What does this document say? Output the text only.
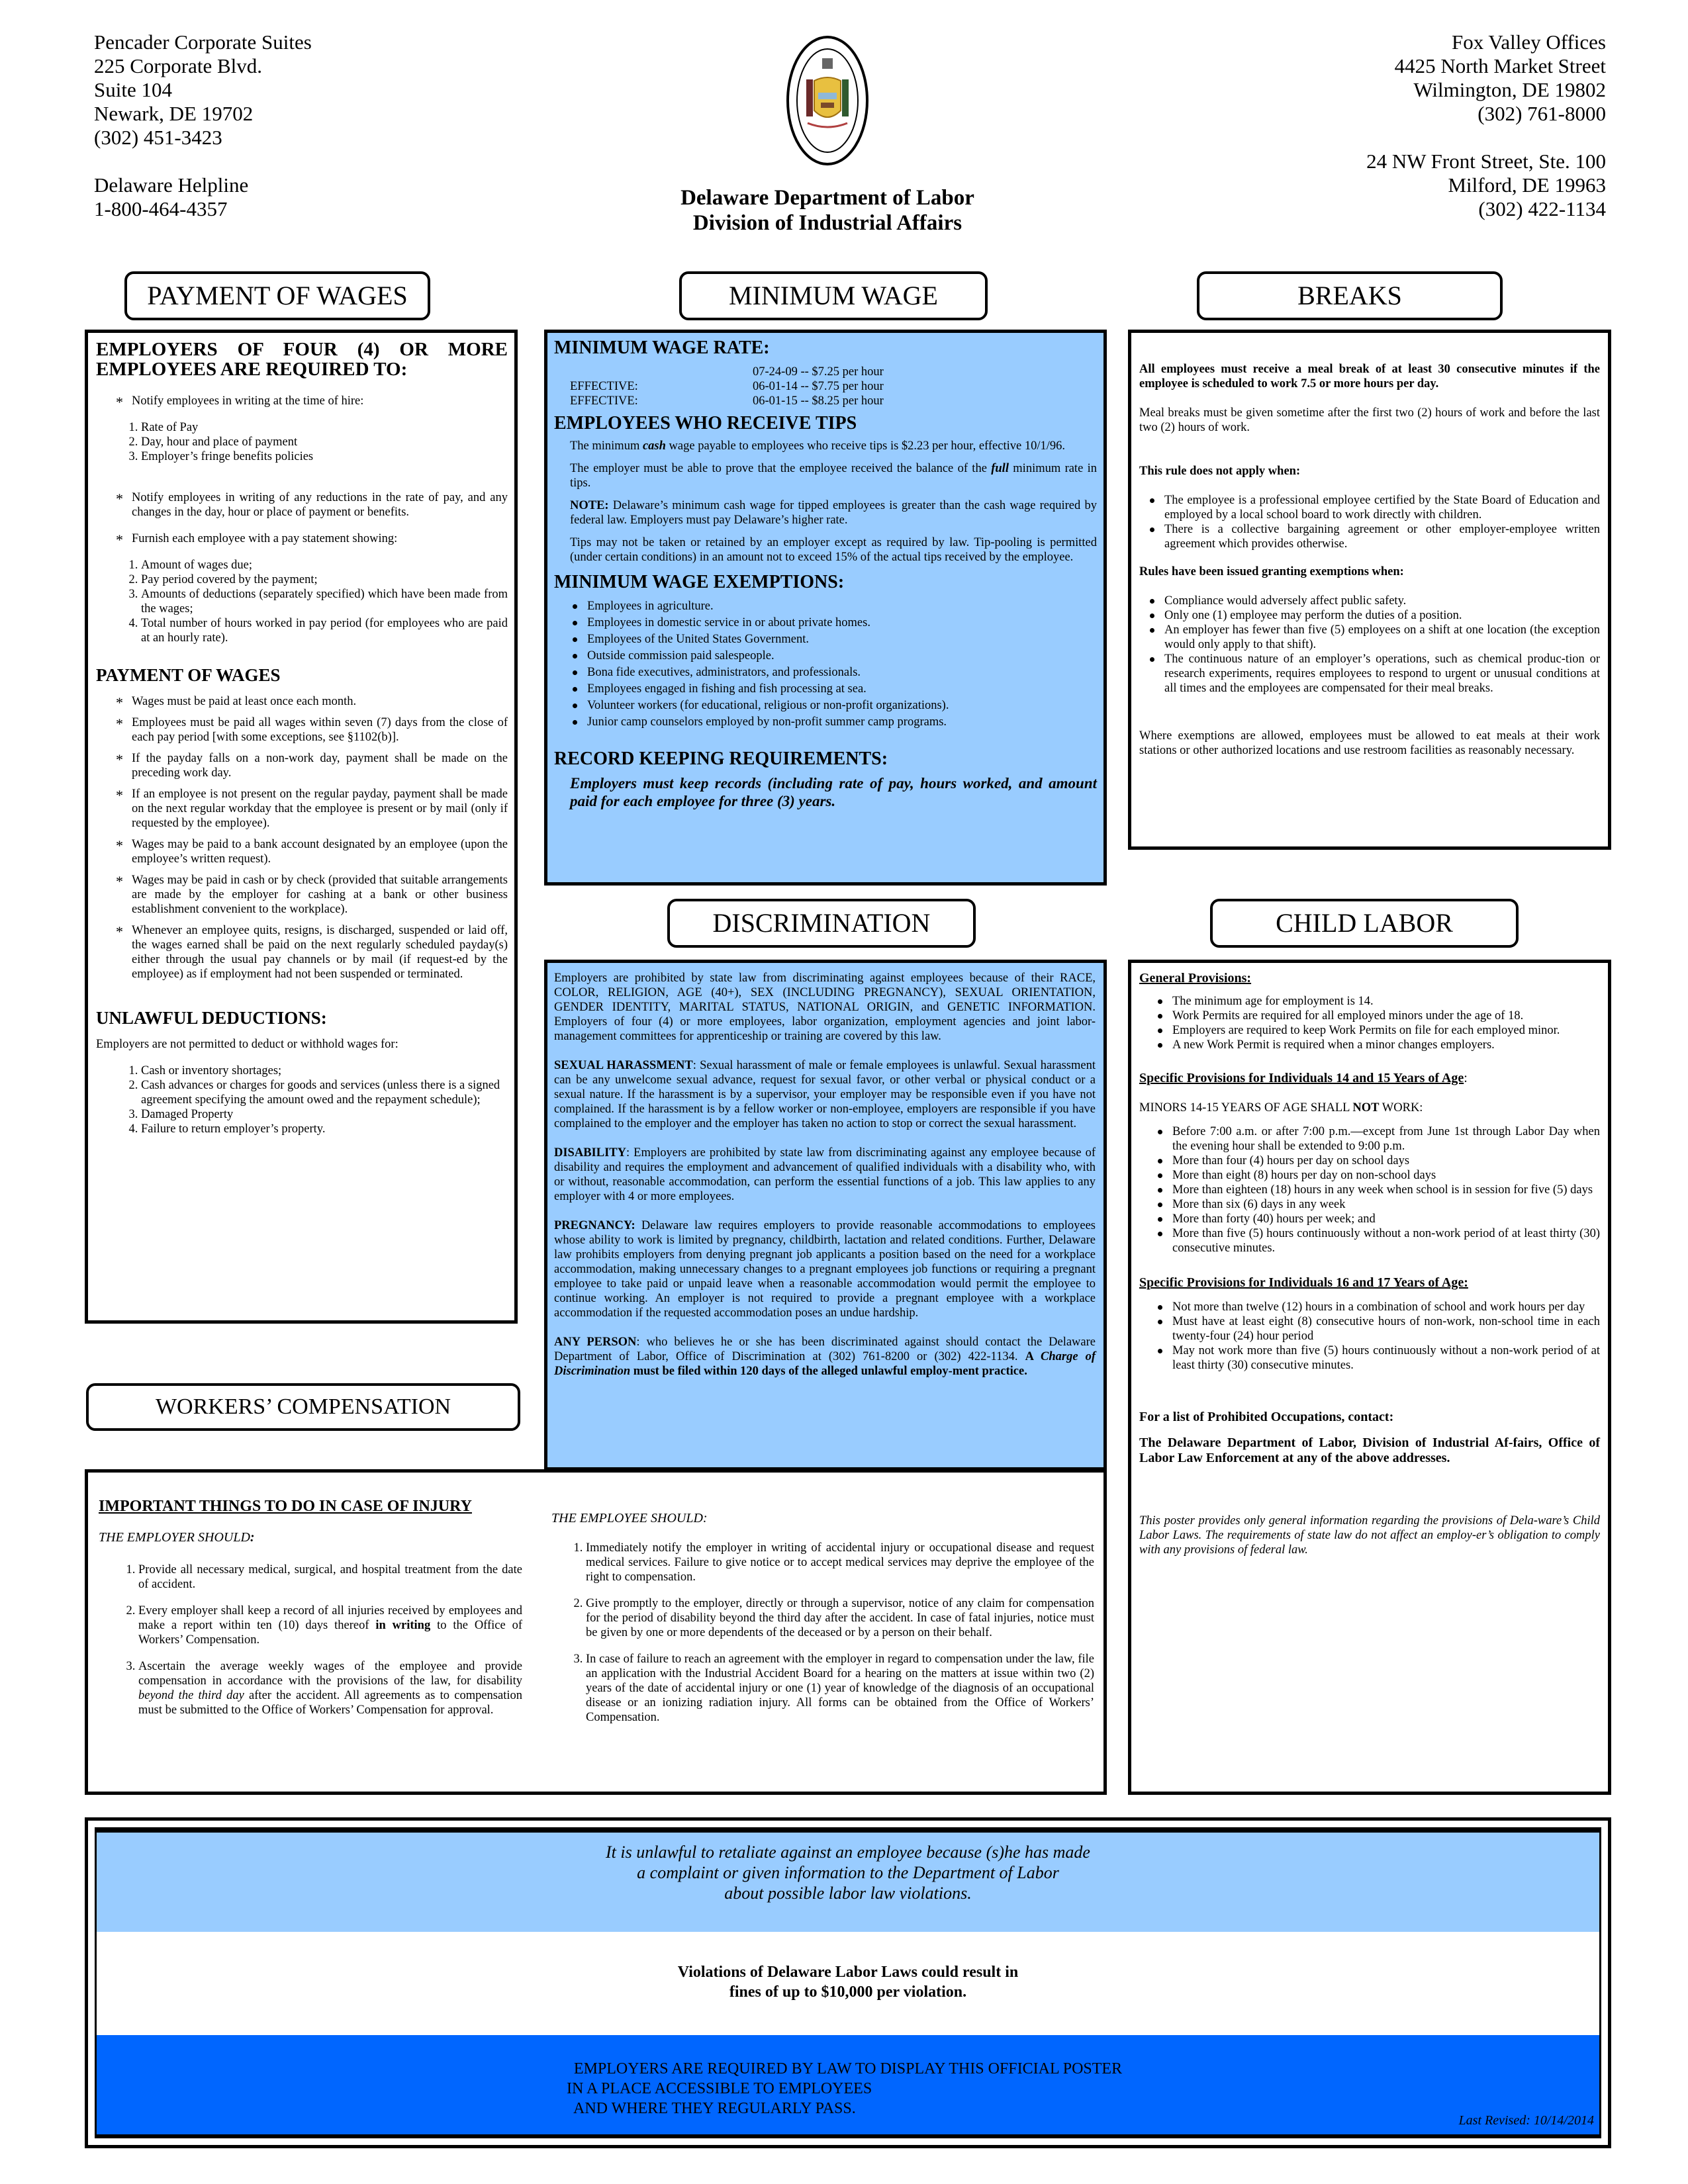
Pencader Corporate Suites
225 Corporate Blvd.
Suite 104
Newark, DE 19702
(302) 451-3423
Delaware Helpline
1-800-464-4357
Fox Valley Offices
4425 North Market Street
Wilmington, DE 19802
(302) 761-8000
24 NW Front Street, Ste. 100
Milford, DE 19963
(302) 422-1134
Delaware Department of Labor
Division of Industrial Affairs
PAYMENT OF WAGES	MINIMUM WAGE	BREAKS
DISCRIMINATION	CHILD LABOR
WORKERS’ COMPENSATION
EMPLOYERS OF FOUR (4) OR MORE EMPLOYEES ARE REQUIRED TO:
* Notify employees in writing at the time of hire:
1. Rate of Pay
2. Day, hour and place of payment
3. Employer’s fringe benefits policies
* Notify employees in writing of any reductions in the rate of pay, and any changes in the day, hour or place of payment or benefits.
* Furnish each employee with a pay statement showing:
1. Amount of wages due;
2. Pay period covered by the payment;
3. Amounts of deductions (separately specified) which have been made from the wages;
4. Total number of hours worked in pay period (for employees who are paid at an hourly rate).
PAYMENT OF WAGES
* Wages must be paid at least once each month.
* Employees must be paid all wages within seven (7) days from the close of each pay period [with some exceptions, see §1102(b)].
* If the payday falls on a non-work day, payment shall be made on the preceding work day.
* If an employee is not present on the regular payday, payment shall be made on the next regular workday that the employee is present or by mail (only if requested by the employee).
* Wages may be paid to a bank account designated by an employee (upon the employee’s written request).
* Wages may be paid in cash or by check (provided that suitable arrangements are made by the employer for cashing at a bank or other business establishment convenient to the workplace).
* Whenever an employee quits, resigns, is discharged, suspended or laid off, the wages earned shall be paid on the next regularly scheduled payday(s) either through the usual pay channels or by mail (if request-ed by the employee) as if employment had not been suspended or terminated.
UNLAWFUL DEDUCTIONS:
Employers are not permitted to deduct or withhold wages for:
1. Cash or inventory shortages;
2. Cash advances or charges for goods and services (unless there is a signed agreement specifying the amount owed and the repayment schedule);
3. Damaged Property
4. Failure to return employer’s property.
MINIMUM WAGE RATE:
07-24-09 -- $7.25 per hour
EFFECTIVE:	06-01-14 -- $7.75 per hour
EFFECTIVE:	06-01-15 -- $8.25 per hour
EMPLOYEES WHO RECEIVE TIPS

The minimum cash wage payable to employees who receive tips is $2.23 per hour, effective 10/1/96.

The employer must be able to prove that the employee received the balance of the full minimum rate in tips.

NOTE: Delaware’s minimum cash wage for tipped employees is greater than the cash wage required by federal law. Employers must pay Delaware’s higher rate.

Tips may not be taken or retained by an employer except as required by law. Tip-pooling is permitted (under certain conditions) in an amount not to exceed 15% of the actual tips received by the employee.

MINIMUM WAGE EXEMPTIONS:
Employees in agriculture.
Employees in domestic service in or about private homes.
Employees of the United States Government.
Outside commission paid salespeople.
Bona fide executives, administrators, and professionals.
Employees engaged in fishing and fish processing at sea.
Volunteer workers (for educational, religious or non-profit organizations).
Junior camp counselors employed by non-profit summer camp programs.
RECORD KEEPING REQUIREMENTS:
Employers must keep records (including rate of pay, hours worked, and amount paid for each employee for three (3) years.

All employees must receive a meal break of at least 30 consecutive minutes if the employee is scheduled to work 7.5 or more hours per day.

Meal breaks must be given sometime after the first two (2) hours of work and before the last two (2) hours of work.

This rule does not apply when:

The employee is a professional employee certified by the State Board of Education and employed by a local school board to work directly with children.
There is a collective bargaining agreement or other employer-employee written agreement which provides otherwise.

Rules have been issued granting exemptions when:

Compliance would adversely affect public safety.
Only one (1) employee may perform the duties of a position.
An employer has fewer than five (5) employees on a shift at one location (the exception would only apply to that shift).
The continuous nature of an employer’s operations, such as chemical produc-tion or research experiments, requires employees to respond to urgent or unusual conditions at all times and the employees are compensated for their meal breaks.

Where exemptions are allowed, employees must be allowed to eat meals at their work stations or other authorized locations and use restroom facilities as reasonably necessary.

Employers are prohibited by state law from discriminating against employees because of their RACE, COLOR, RELIGION, AGE (40+), SEX (INCLUDING PREGNANCY), SEXUAL ORIENTATION, GENDER IDENTITY, MARITAL STATUS, NATIONAL ORIGIN, and GENETIC INFORMATION. Employers of four (4) or more employees, labor organization, employment agencies and joint labor-management committees for apprenticeship or training are covered by this law.

SEXUAL HARASSMENT: Sexual harassment of male or female employees is unlawful. Sexual harassment can be any unwelcome sexual advance, request for sexual favor, or other verbal or physical conduct or a sexual nature. If the harassment is by a supervisor, your employer may be responsible even if you have not complained. If the harassment is by a fellow worker or non-employee, employers are responsible if you have complained to the employer and the employer has taken no action to stop or correct the sexual harassment.

DISABILITY: Employers are prohibited by state law from discriminating against any employee because of disability and requires the employment and advancement of qualified individuals with a disability who, with or without, reasonable accommodation, can perform the essential functions of a job. This law applies to any employer with 4 or more employees.

PREGNANCY: Delaware law requires employers to provide reasonable accommodations to employees whose ability to work is limited by pregnancy, childbirth, lactation and related conditions. Further, Delaware law prohibits employers from denying pregnant job applicants a position based on the need for a workplace accommodation, making unnecessary changes to a pregnant employees job functions or requiring a pregnant employee to take paid or unpaid leave when a reasonable accommodation would permit the employee to continue working. An employer is not required to provide a pregnant employee with a workplace accommodation if the requested accommodation poses an undue hardship.

ANY PERSON: who believes he or she has been discriminated against should contact the Delaware Department of Labor, Office of Discrimination at (302) 761-8200 or (302) 422-1134. A Charge of Discrimination must be filed within 120 days of the alleged unlawful employ-ment practice.

General Provisions:

The minimum age for employment is 14.
Work Permits are required for all employed minors under the age of 18.
Employers are required to keep Work Permits on file for each employed minor.
A new Work Permit is required when a minor changes employers.

Specific Provisions for Individuals 14 and 15 Years of Age:

MINORS 14-15 YEARS OF AGE SHALL NOT WORK:

Before 7:00 a.m. or after 7:00 p.m.—except from June 1st through Labor Day when the evening hour shall be extended to 9:00 p.m.
More than four (4) hours per day on school days
More than eight (8) hours per day on non-school days
More than eighteen (18) hours in any week when school is in session for five (5) days
More than six (6) days in any week
More than forty (40) hours per week; and
More than five (5) hours continuously without a non-work period of at least thirty (30) consecutive minutes.

Specific Provisions for Individuals 16 and 17 Years of Age:

Not more than twelve (12) hours in a combination of school and work hours per day
Must have at least eight (8) consecutive hours of non-work, non-school time in each twenty-four (24) hour period
May not work more than five (5) hours continuously without a non-work period of at least thirty (30) consecutive minutes.

For a list of Prohibited Occupations, contact:

The Delaware Department of Labor, Division of Industrial Af-fairs, Office of Labor Law Enforcement at any of the above addresses.

This poster provides only general information regarding the provisions of Dela-ware’s Child Labor Laws. The requirements of state law do not affect an employ-er’s obligation to comply with any provisions of federal law.

IMPORTANT THINGS TO DO IN CASE OF INJURY

THE EMPLOYER SHOULD:

1. Provide all necessary medical, surgical, and hospital treatment from the date of accident.
2. Every employer shall keep a record of all injuries received by employees and make a report within ten (10) days thereof in writing to the Office of Workers’ Compensation.
3. Ascertain the average weekly wages of the employee and provide compensation in accordance with the provisions of the law, for disability beyond the third day after the accident. All agreements as to compensation must be submitted to the Office of Workers’ Compensation for approval.

THE EMPLOYEE SHOULD:

1. Immediately notify the employer in writing of accidental injury or occupational disease and request medical services. Failure to give notice or to accept medical services may deprive the employee of the right to compensation.
2. Give promptly to the employer, directly or through a supervisor, notice of any claim for compensation for the period of disability beyond the third day after the accident. In case of fatal injuries, notice must be given by one or more dependents of the deceased or by a person on their behalf.
3. In case of failure to reach an agreement with the employer in regard to compensation under the law, file an application with the Industrial Accident Board for a hearing on the matters at issue within two (2) years of the date of accidental injury or one (1) year of knowledge of the diagnosis of an occupational disease or an ionizing radiation injury. All forms can be obtained from the Office of Workers’ Compensation.
It is unlawful to retaliate against an employee because (s)he has made
a complaint or given information to the Department of Labor
about possible labor law violations.
Violations of Delaware Labor Laws could result in
fines of up to $10,000 per violation.
EMPLOYERS ARE REQUIRED BY LAW TO DISPLAY THIS OFFICIAL POSTER
IN A PLACE ACCESSIBLE TO EMPLOYEES
AND WHERE THEY REGULARLY PASS.
Last Revised: 10/14/2014
